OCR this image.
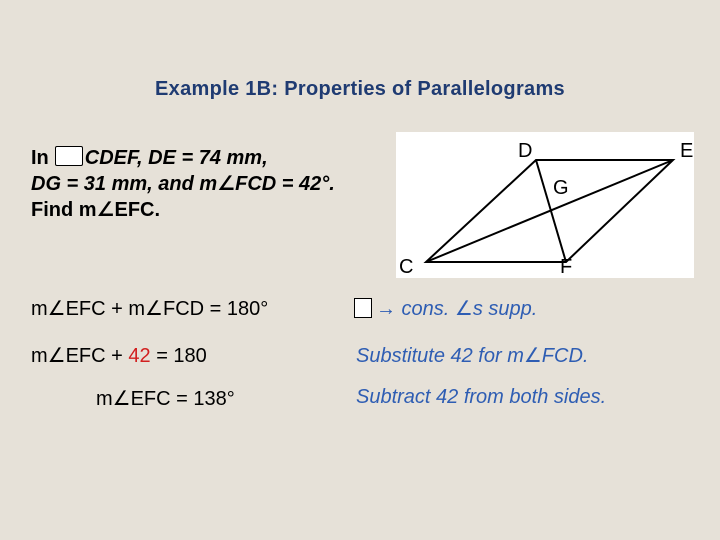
Example 1B: Properties of Parallelograms
In CDEF, DE = 74 mm,
DG = 31 mm, and m∠FCD = 42°.
Find m∠EFC.
D	E
G
C	F
m∠EFC + m∠FCD = 180°	→ cons. ∠s supp.
m∠EFC + 42 = 180	Substitute 42 for m∠FCD.
m∠EFC = 138°	Subtract 42 from both sides.
